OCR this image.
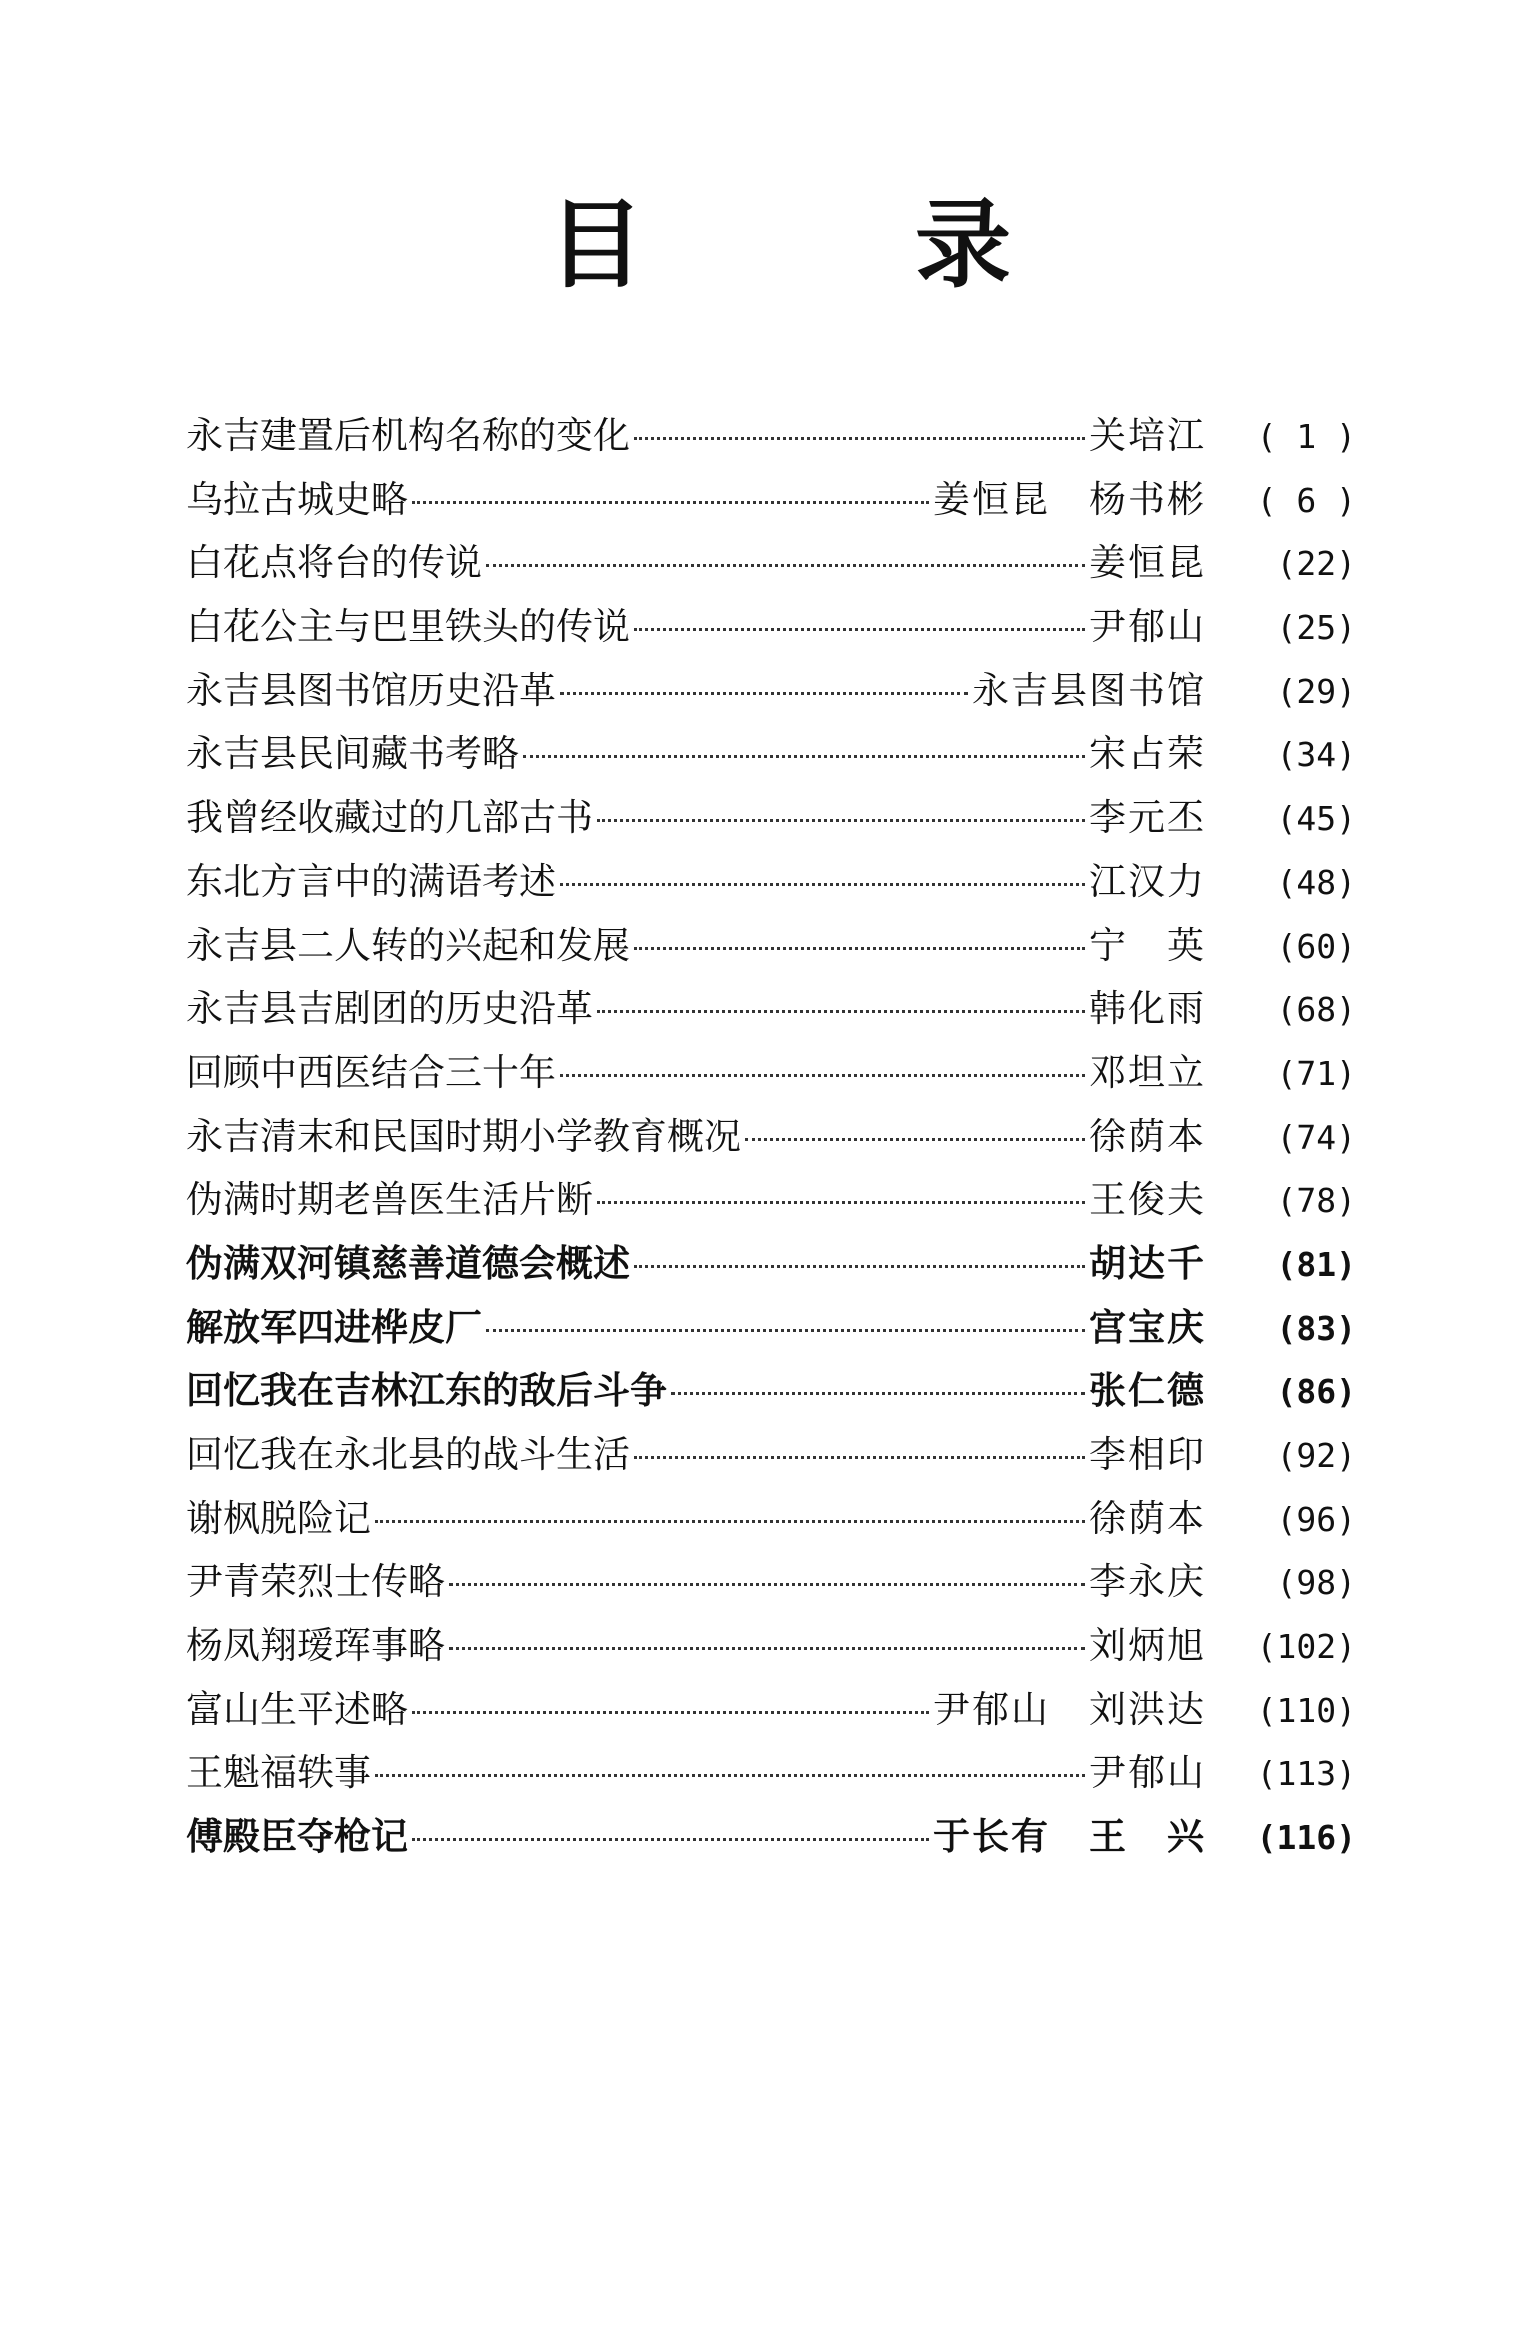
目	录
永吉建置后机构名称的变化	关培江	( 1 )
乌拉古城史略	姜恒昆　杨书彬	( 6 )
白花点将台的传说	姜恒昆	(22)
白花公主与巴里铁头的传说	尹郁山	(25)
永吉县图书馆历史沿革	永吉县图书馆	(29)
永吉县民间藏书考略	宋占荣	(34)
我曾经收藏过的几部古书	李元丕	(45)
东北方言中的满语考述	江汉力	(48)
永吉县二人转的兴起和发展	宁　英	(60)
永吉县吉剧团的历史沿革	韩化雨	(68)
回顾中西医结合三十年	邓坦立	(71)
永吉清末和民国时期小学教育概况	徐荫本	(74)
伪满时期老兽医生活片断	王俊夫	(78)
伪满双河镇慈善道德会概述	胡达千	(81)
解放军四进桦皮厂	宫宝庆	(83)
回忆我在吉林江东的敌后斗争	张仁德	(86)
回忆我在永北县的战斗生活	李相印	(92)
谢枫脱险记	徐荫本	(96)
尹青荣烈士传略	李永庆	(98)
杨凤翔瑷珲事略	刘炳旭	(102)
富山生平述略	尹郁山　刘洪达	(110)
王魁福轶事	尹郁山	(113)
傅殿臣夺枪记	于长有　王　兴	(116)
